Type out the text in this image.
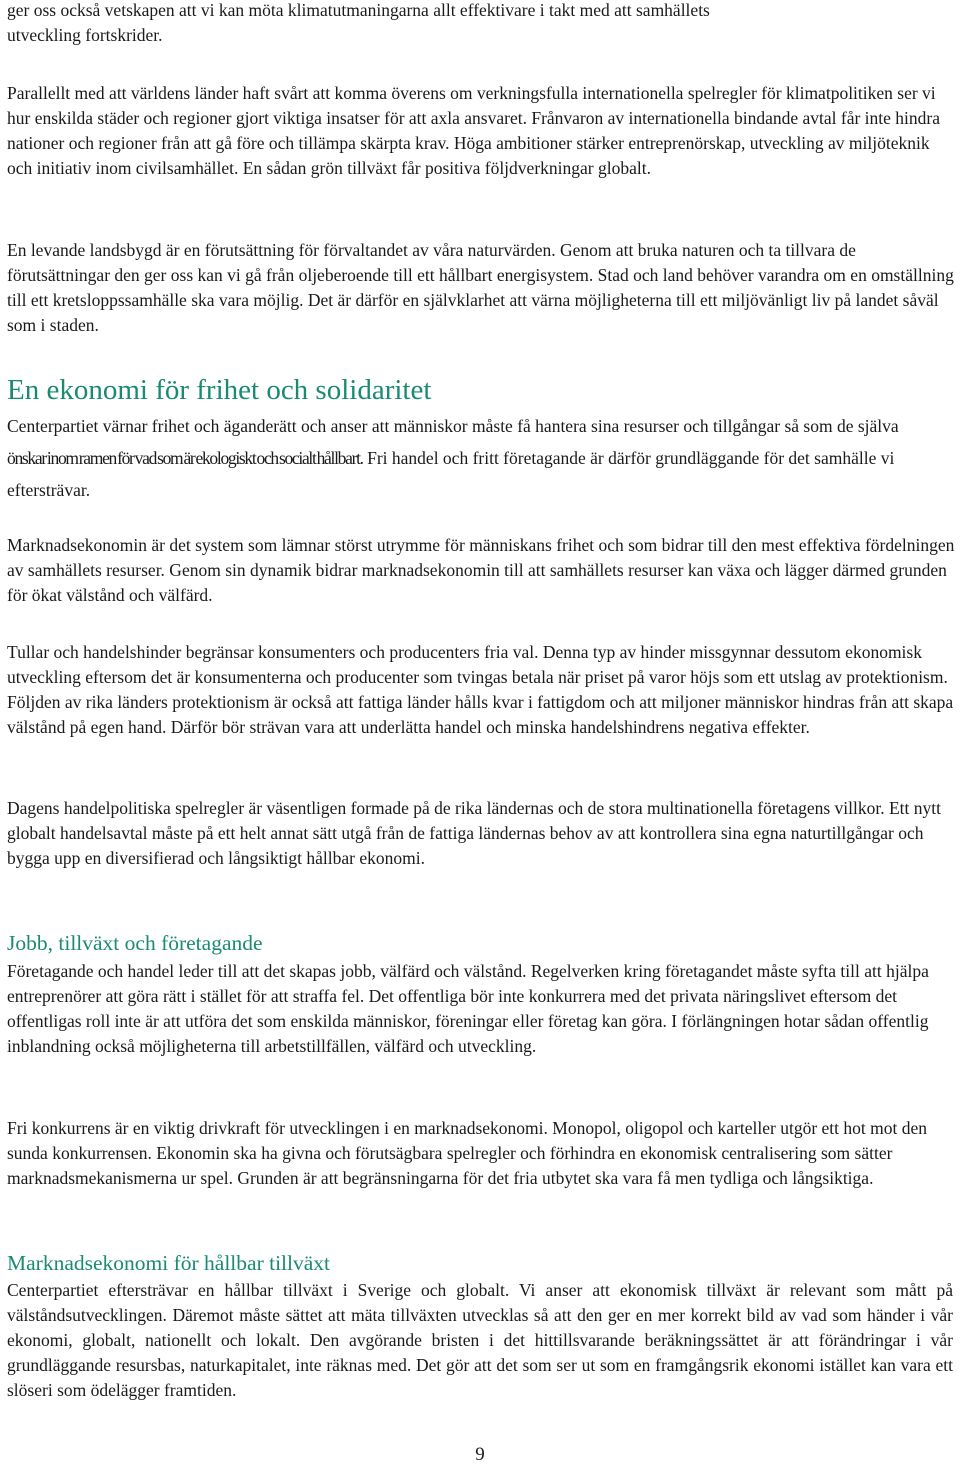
ger oss också vetskapen att vi kan möta klimatutmaningarna allt effektivare i takt med att samhällets
utveckling fortskrider.

Parallellt med att världens länder haft svårt att komma överens om verkningsfulla internationella spelregler för klimatpolitiken ser vi hur enskilda städer och regioner gjort viktiga insatser för att axla ansvaret. Frånvaron av internationella bindande avtal får inte hindra nationer och regioner från att gå före och tillämpa skärpta krav. Höga ambitioner stärker entreprenörskap, utveckling av miljöteknik och initiativ inom civilsamhället. En sådan grön tillväxt får positiva följdverkningar globalt.

En levande landsbygd är en förutsättning för förvaltandet av våra naturvärden. Genom att bruka naturen och ta tillvara de förutsättningar den ger oss kan vi gå från oljeberoende till ett hållbart energisystem. Stad och land behöver varandra om en omställning till ett kretsloppssamhälle ska vara möjlig. Det är därför en självklarhet att värna möjligheterna till ett miljövänligt liv på landet såväl som i staden.

En ekonomi för frihet och solidaritet

Centerpartiet värnar frihet och äganderätt och anser att människor måste få hantera sina resurser och tillgångar så som de själva önskar inom ramen för vad som är ekologiskt och socialt hållbart. Fri handel och fritt företagande är därför grundläggande för det samhälle vi eftersträvar.

Marknadsekonomin är det system som lämnar störst utrymme för människans frihet och som bidrar till den mest effektiva fördelningen av samhällets resurser. Genom sin dynamik bidrar marknadsekonomin till att samhällets resurser kan växa och lägger därmed grunden för ökat välstånd och välfärd.

Tullar och handelshinder begränsar konsumenters och producenters fria val. Denna typ av hinder missgynnar dessutom ekonomisk utveckling eftersom det är konsumenterna och producenter som tvingas betala när priset på varor höjs som ett utslag av protektionism. Följden av rika länders protektionism är också att fattiga länder hålls kvar i fattigdom och att miljoner människor hindras från att skapa välstånd på egen hand. Därför bör strävan vara att underlätta handel och minska handelshindrens negativa effekter.

Dagens handelpolitiska spelregler är väsentligen formade på de rika ländernas och de stora multinationella företagens villkor. Ett nytt globalt handelsavtal måste på ett helt annat sätt utgå från de fattiga ländernas behov av att kontrollera sina egna naturtillgångar och bygga upp en diversifierad och långsiktigt hållbar ekonomi.

Jobb, tillväxt och företagande

Företagande och handel leder till att det skapas jobb, välfärd och välstånd. Regelverken kring företagandet måste syfta till att hjälpa entreprenörer att göra rätt i stället för att straffa fel. Det offentliga bör inte konkurrera med det privata näringslivet eftersom det offentligas roll inte är att utföra det som enskilda människor, föreningar eller företag kan göra. I förlängningen hotar sådan offentlig inblandning också möjligheterna till arbetstillfällen, välfärd och utveckling.

Fri konkurrens är en viktig drivkraft för utvecklingen i en marknadsekonomi. Monopol, oligopol och karteller utgör ett hot mot den sunda konkurrensen. Ekonomin ska ha givna och förutsägbara spelregler och förhindra en ekonomisk centralisering som sätter marknadsmekanismerna ur spel. Grunden är att begränsningarna för det fria utbytet ska vara få men tydliga och långsiktiga.

Marknadsekonomi för hållbar tillväxt

Centerpartiet eftersträvar en hållbar tillväxt i Sverige och globalt. Vi anser att ekonomisk tillväxt är relevant som mått på välståndsutvecklingen. Däremot måste sättet att mäta tillväxten utvecklas så att den ger en mer korrekt bild av vad som händer i vår ekonomi, globalt, nationellt och lokalt. Den avgörande bristen i det hittillsvarande beräkningssättet är att förändringar i vår grundläggande resursbas, naturkapitalet, inte räknas med. Det gör att det som ser ut som en framgångsrik ekonomi istället kan vara ett slöseri som ödelägger framtiden.

9
